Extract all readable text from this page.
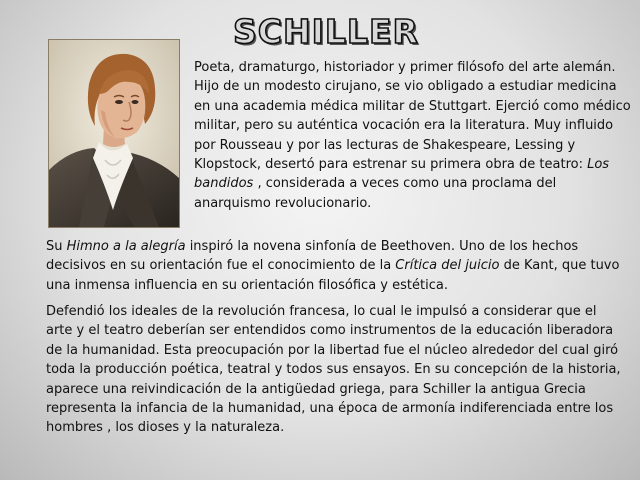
SCHILLER

Poeta, dramaturgo, historiador y primer filósofo del arte alemán. Hijo de un modesto cirujano, se vio obligado a estudiar medicina en una academia médica militar de Stuttgart. Ejerció como médico militar, pero su auténtica vocación era la literatura. Muy influido por Rousseau y por las lecturas de Shakespeare, Lessing y Klopstock, desertó para estrenar su primera obra de teatro: Los bandidos , considerada a veces como una proclama del anarquismo revolucionario.

Su Himno a la alegría inspiró la novena sinfonía de Beethoven. Uno de los hechos decisivos en su orientación fue el conocimiento de la Crítica del juicio de Kant, que tuvo una inmensa influencia en su orientación filosófica y estética.

Defendió los ideales de la revolución francesa, lo cual le impulsó a considerar que el arte y el teatro deberían ser entendidos como instrumentos de la educación liberadora de la humanidad. Esta preocupación por la libertad fue el núcleo alrededor del cual giró toda la producción poética, teatral y todos sus ensayos. En su concepción de la historia, aparece una reivindicación de la antigüedad griega, para Schiller la antigua Grecia representa la infancia de la humanidad, una época de armonía indiferenciada entre los hombres , los dioses y la naturaleza.
